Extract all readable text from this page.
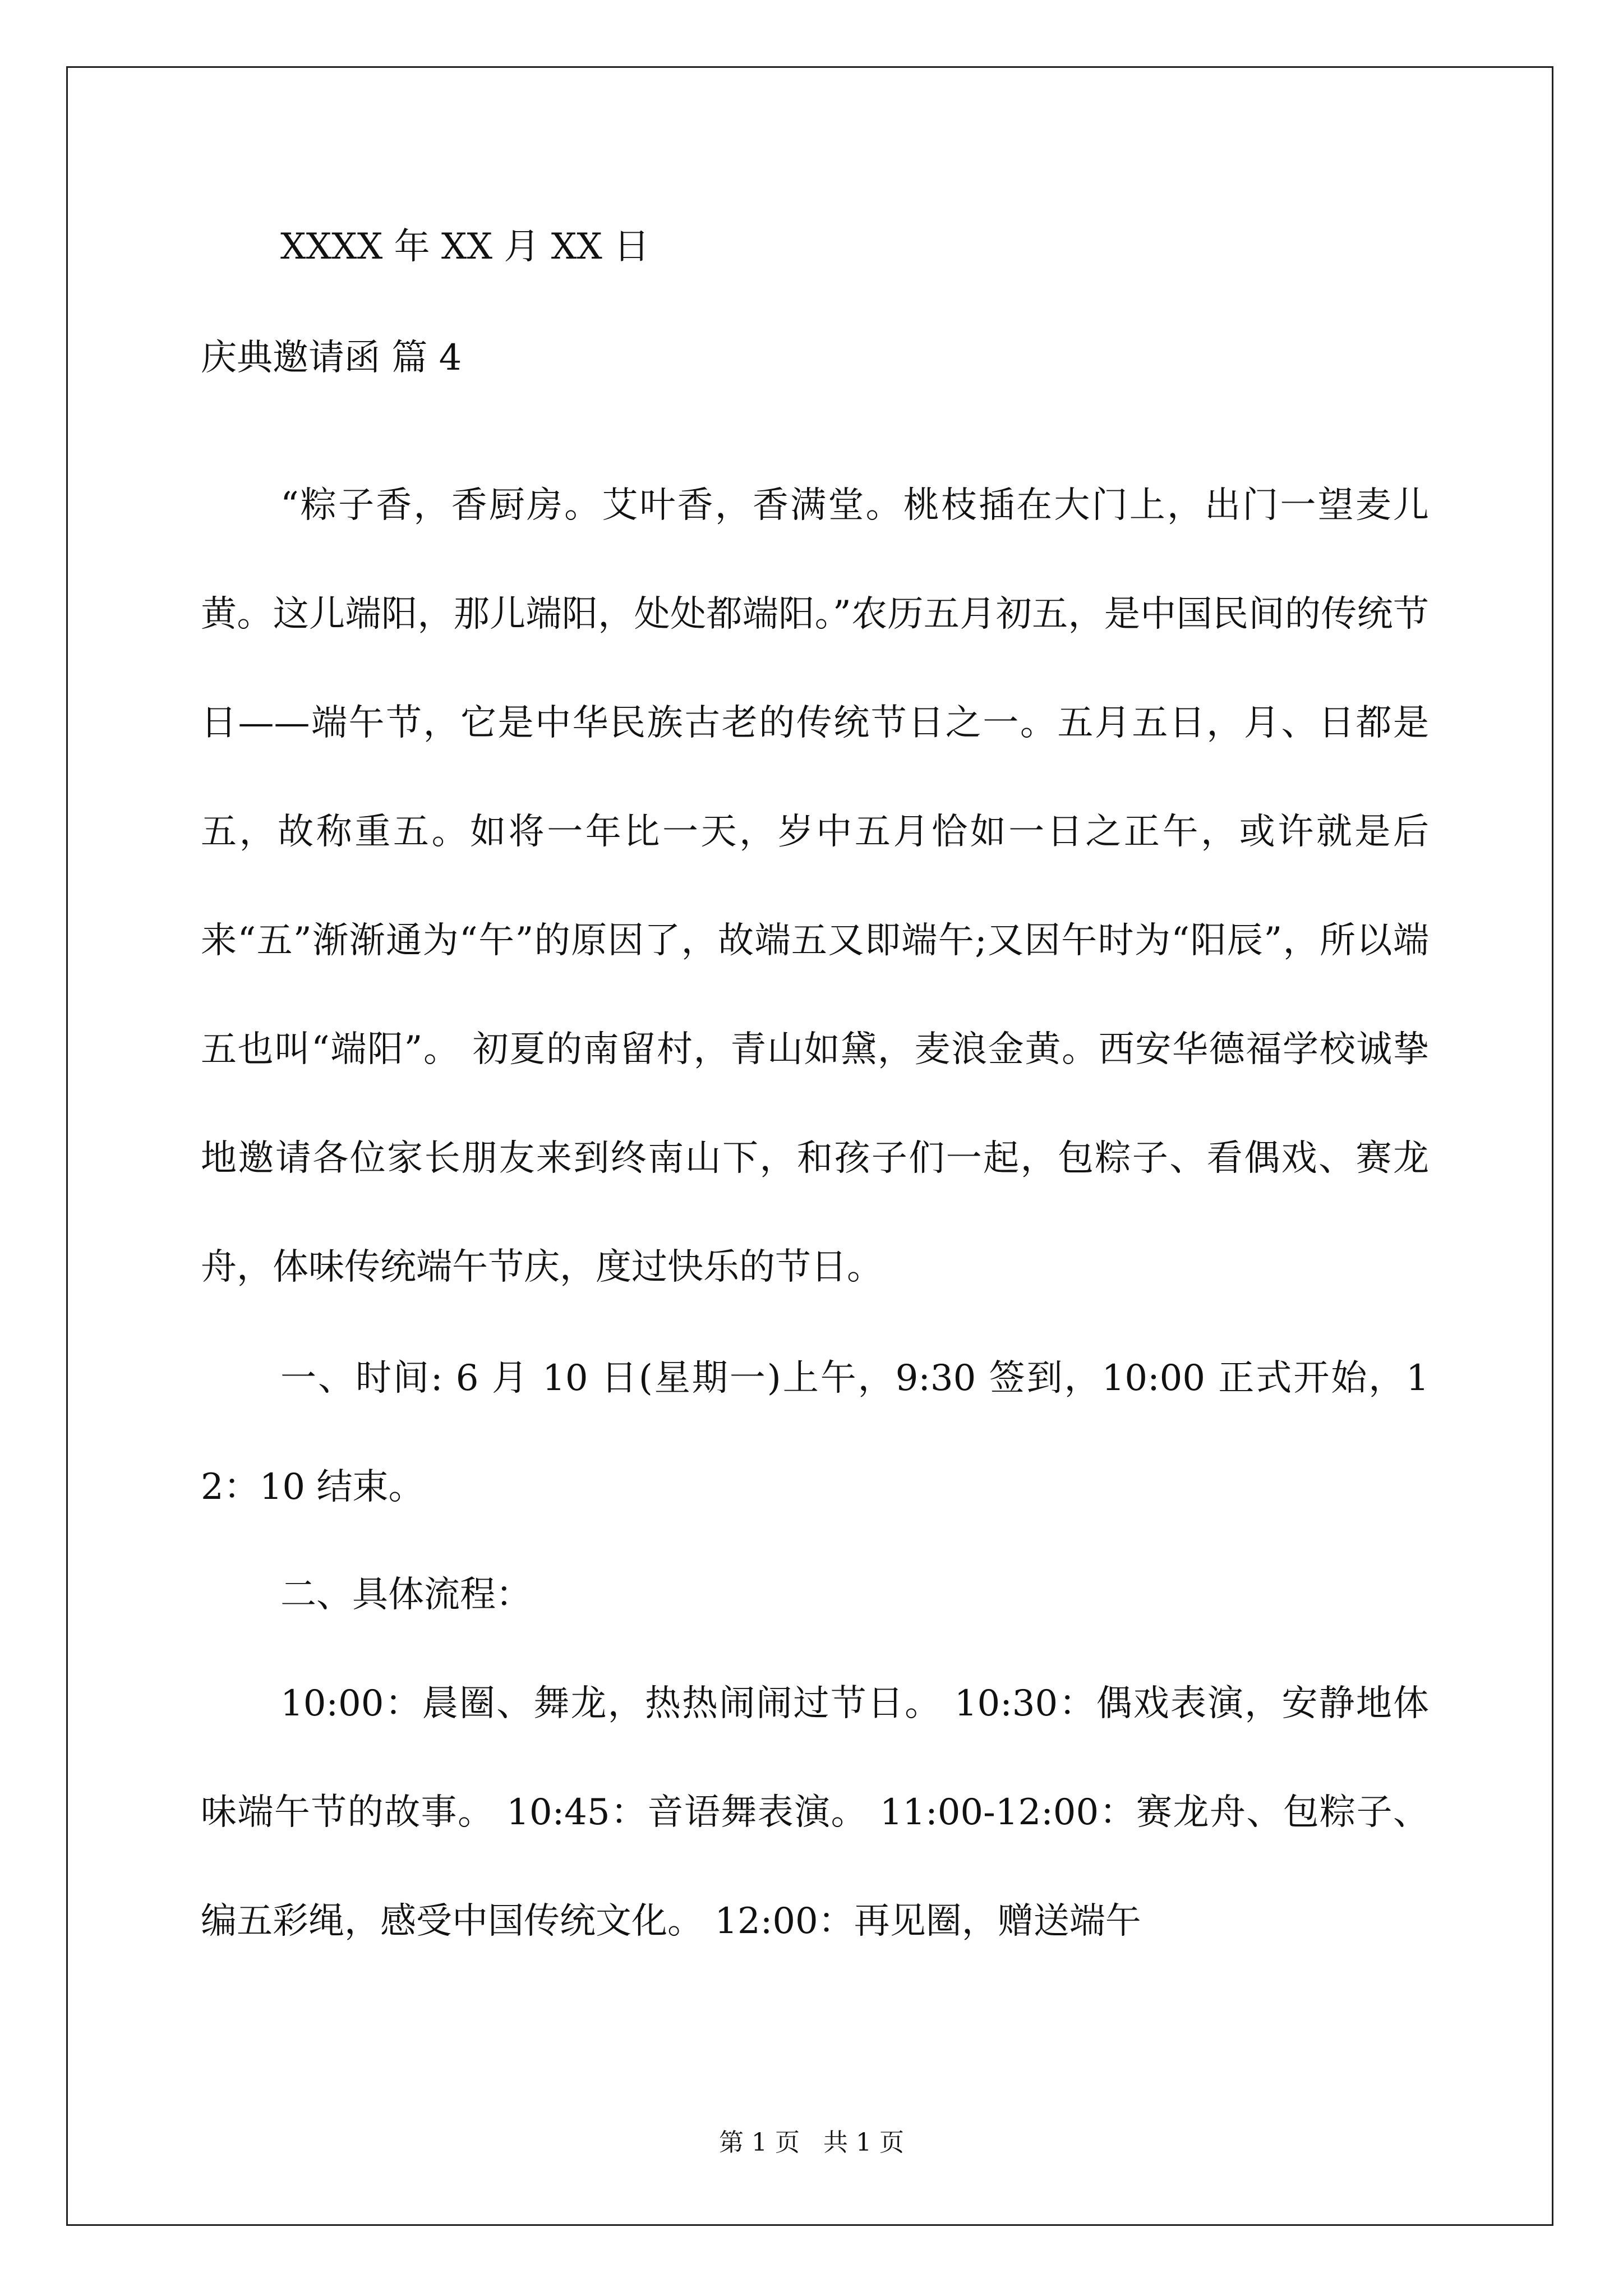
XXXX 年 XX 月 XX 日
庆典邀请函 篇 4

“粽子香，香厨房。艾叶香，香满堂。桃枝插在大门上，出门一望麦儿黄。这儿端阳，那儿端阳，处处都端阳。”农历五月初五，是中国民间的传统节日——端午节，它是中华民族古老的传统节日之一。五月五日，月、日都是五，故称重五。如将一年比一天，岁中五月恰如一日之正午，或许就是后来“五”渐渐通为“午”的原因了，故端五又即端午;又因午时为“阳辰”，所以端五也叫“端阳”。 初夏的南留村，青山如黛，麦浪金黄。西安华德福学校诚挚地邀请各位家长朋友来到终南山下，和孩子们一起，包粽子、看偶戏、赛龙舟，体味传统端午节庆，度过快乐的节日。

一、时间: 6 月 10 日(星期一)上午，9:30 签到，10:00 正式开始，12：10 结束。

二、具体流程：

10:00：晨圈、舞龙，热热闹闹过节日。 10:30：偶戏表演，安静地体味端午节的故事。 10:45：音语舞表演。 11:00-12:00：赛龙舟、包粽子、编五彩绳，感受中国传统文化。 12:00：再见圈，赠送端午

第 1 页   共 1 页
